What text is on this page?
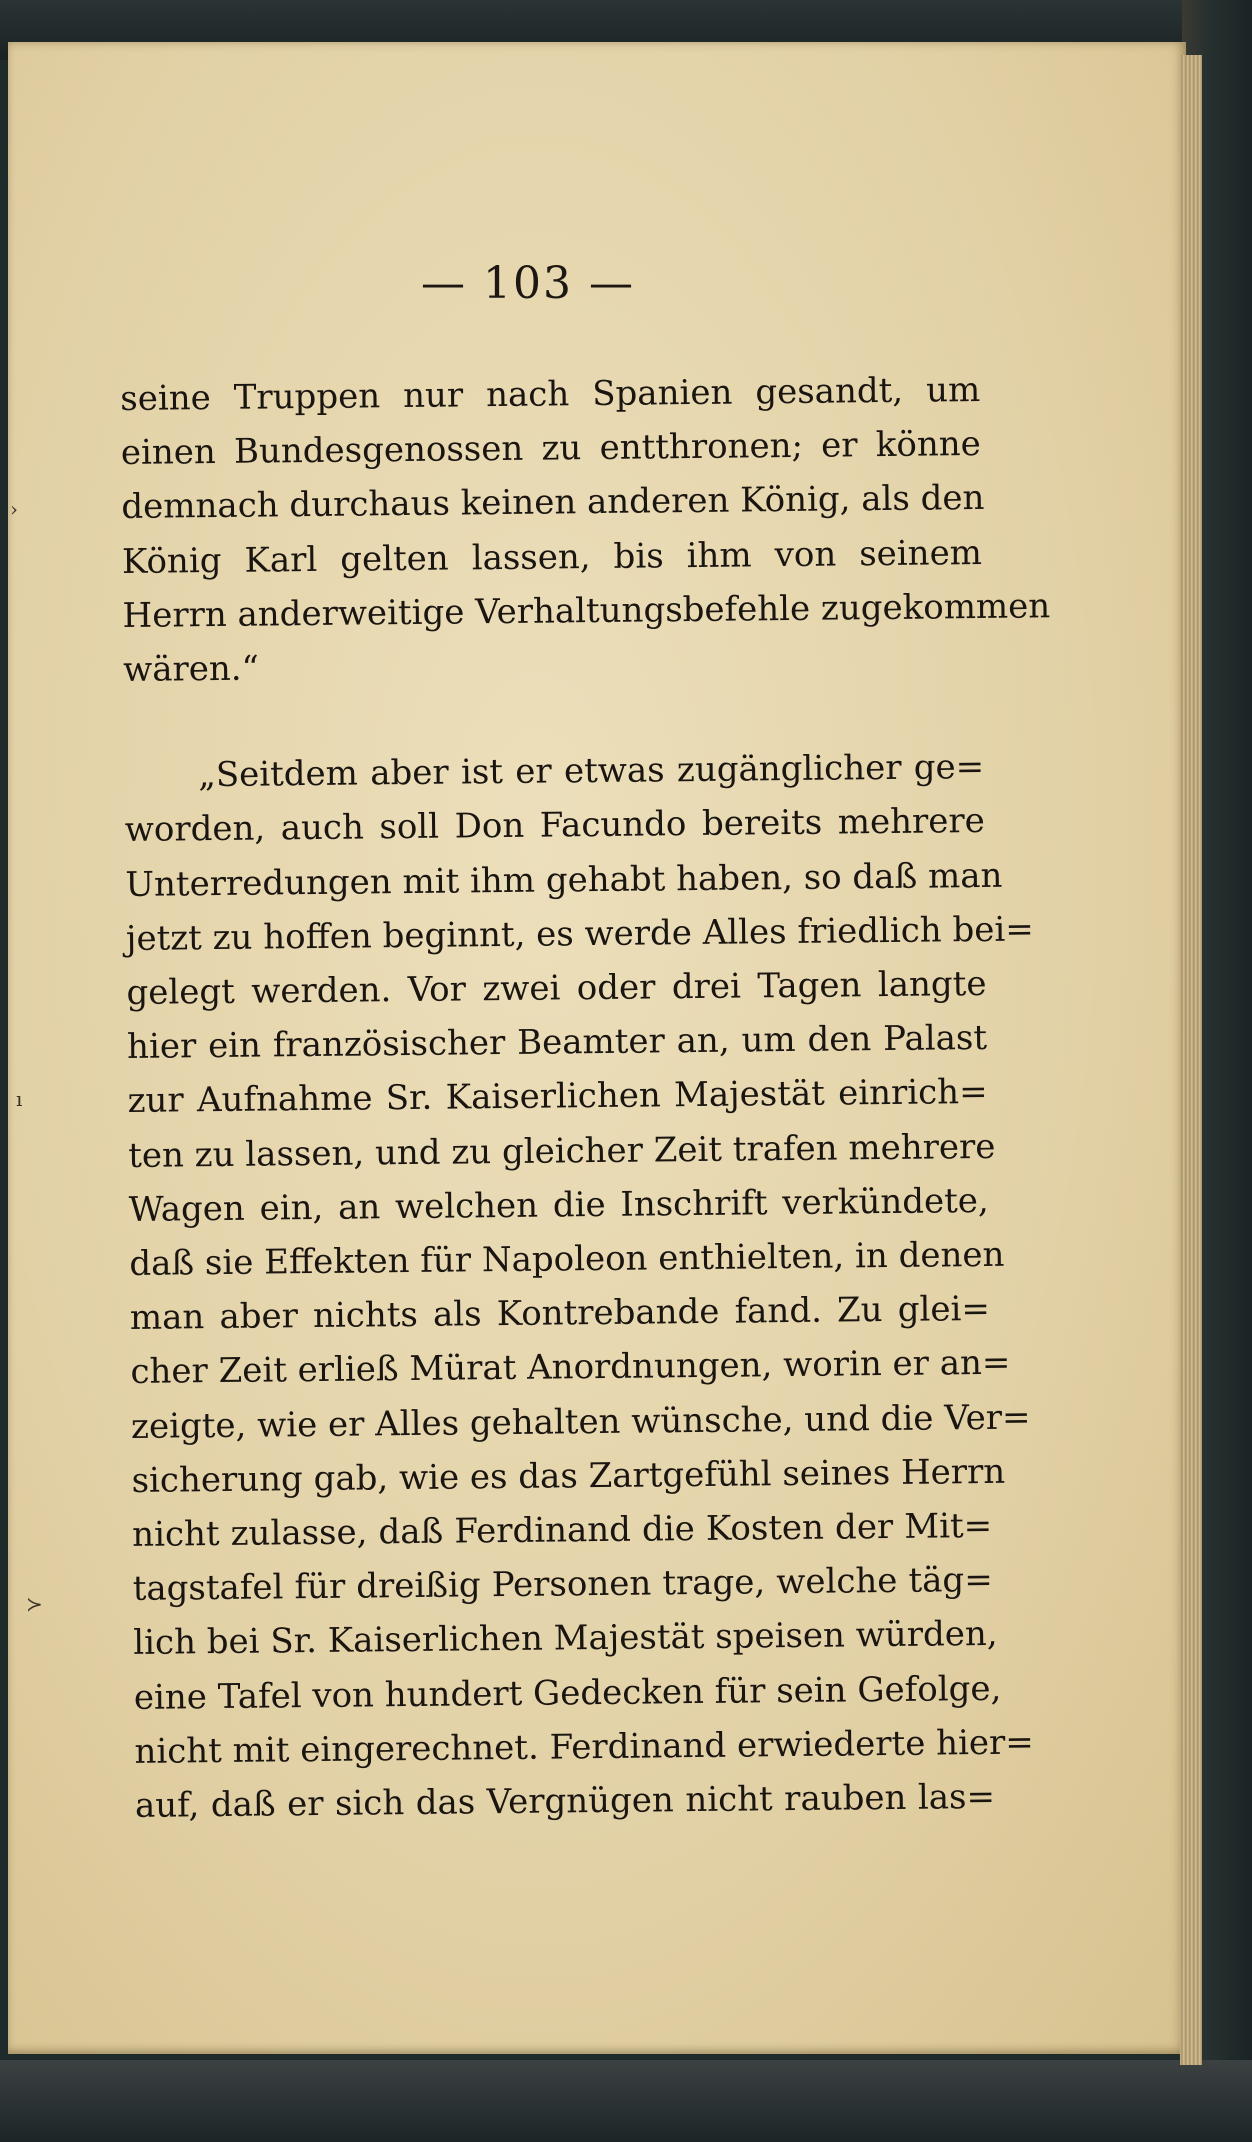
— 103 —
seine Truppen nur nach Spanien gesandt, um
einen Bundesgenossen zu entthronen; er könne
demnach durchaus keinen anderen König, als den
König Karl gelten lassen, bis ihm von seinem
Herrn anderweitige Verhaltungsbefehle zugekommen
wären.“
„Seitdem aber ist er etwas zugänglicher ge=
worden, auch soll Don Facundo bereits mehrere
Unterredungen mit ihm gehabt haben, so daß man
jetzt zu hoffen beginnt, es werde Alles friedlich bei=
gelegt werden. Vor zwei oder drei Tagen langte
hier ein französischer Beamter an, um den Palast
zur Aufnahme Sr. Kaiserlichen Majestät einrich=
ten zu lassen, und zu gleicher Zeit trafen mehrere
Wagen ein, an welchen die Inschrift verkündete,
daß sie Effekten für Napoleon enthielten, in denen
man aber nichts als Kontrebande fand. Zu glei=
cher Zeit erließ Mürat Anordnungen, worin er an=
zeigte, wie er Alles gehalten wünsche, und die Ver=
sicherung gab, wie es das Zartgefühl seines Herrn
nicht zulasse, daß Ferdinand die Kosten der Mit=
tagstafel für dreißig Personen trage, welche täg=
lich bei Sr. Kaiserlichen Majestät speisen würden,
eine Tafel von hundert Gedecken für sein Gefolge,
nicht mit eingerechnet. Ferdinand erwiederte hier=
auf, daß er sich das Vergnügen nicht rauben las=
›
ı
≻
